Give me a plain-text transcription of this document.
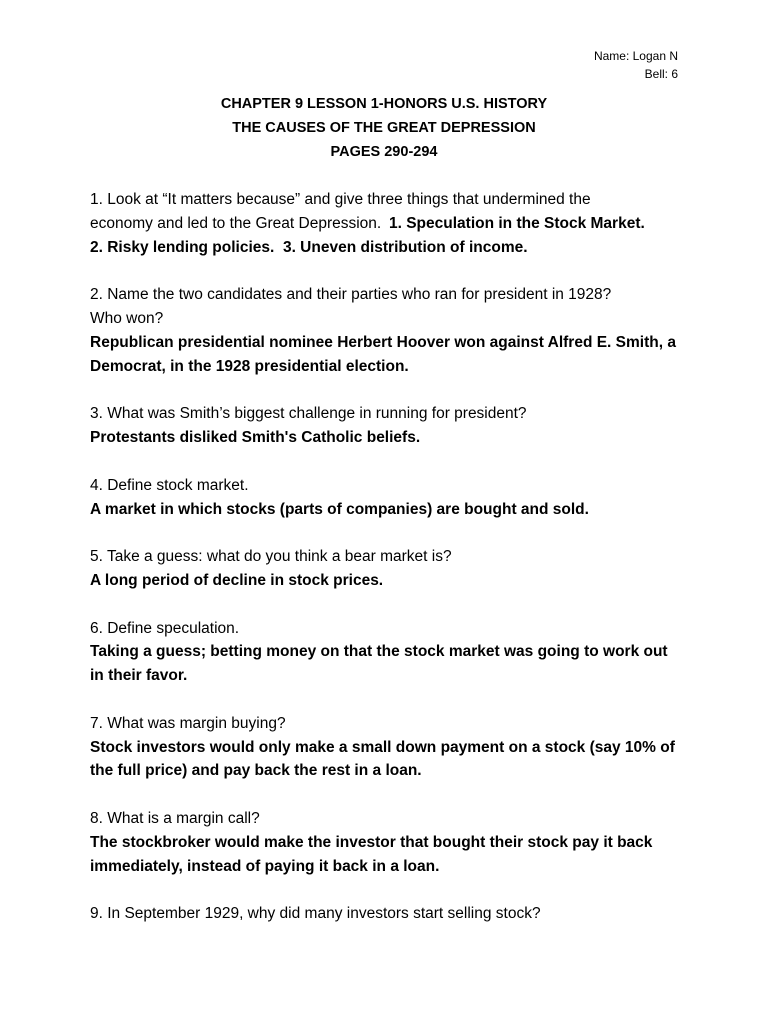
Name: Logan N
Bell: 6
CHAPTER 9 LESSON 1-HONORS U.S. HISTORY
THE CAUSES OF THE GREAT DEPRESSION
PAGES 290-294
1. Look at “It matters because” and give three things that undermined the
economy and led to the Great Depression. 1. Speculation in the Stock Market.
2. Risky lending policies.  3. Uneven distribution of income.
2. Name the two candidates and their parties who ran for president in 1928?
Who won?
Republican presidential nominee Herbert Hoover won against Alfred E. Smith, a
Democrat, in the 1928 presidential election.
3. What was Smith’s biggest challenge in running for president?
Protestants disliked Smith's Catholic beliefs.
4. Define stock market.
A market in which stocks (parts of companies) are bought and sold.
5. Take a guess: what do you think a bear market is?
A long period of decline in stock prices.
6. Define speculation.
Taking a guess; betting money on that the stock market was going to work out
in their favor.
7. What was margin buying?
Stock investors would only make a small down payment on a stock (say 10% of
the full price) and pay back the rest in a loan.
8. What is a margin call?
The stockbroker would make the investor that bought their stock pay it back
immediately, instead of paying it back in a loan.
9. In September 1929, why did many investors start selling stock?
